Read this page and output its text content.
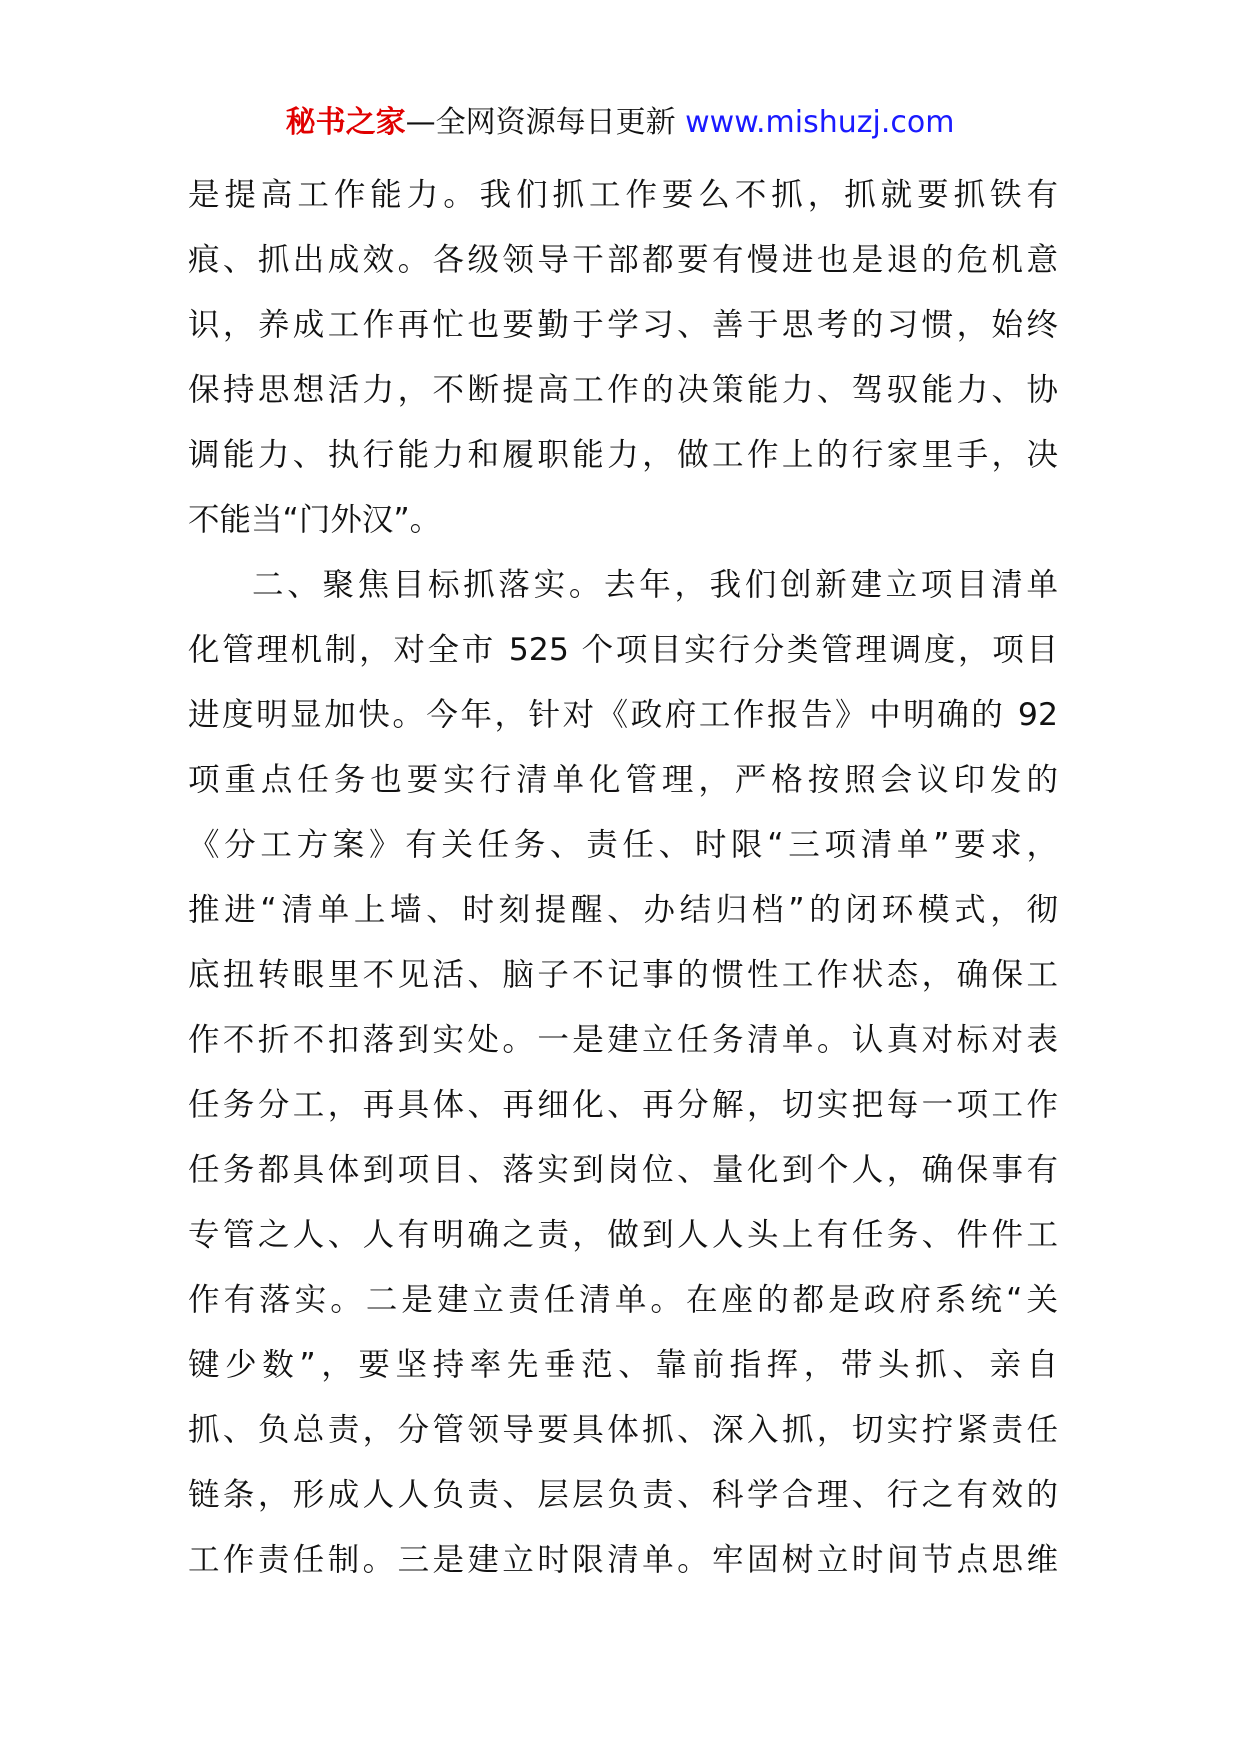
秘书之家—全网资源每日更新 www.mishuzj.com
是提高工作能力。我们抓工作要么不抓，抓就要抓铁有
痕、抓出成效。各级领导干部都要有慢进也是退的危机意
识，养成工作再忙也要勤于学习、善于思考的习惯，始终
保持思想活力，不断提高工作的决策能力、驾驭能力、协
调能力、执行能力和履职能力，做工作上的行家里手，决
不能当“门外汉”。
二、聚焦目标抓落实。去年，我们创新建立项目清单
化管理机制，对全市 525 个项目实行分类管理调度，项目
进度明显加快。今年，针对《政府工作报告》中明确的 92
项重点任务也要实行清单化管理，严格按照会议印发的
《分工方案》有关任务、责任、时限“三项清单”要求，
推进“清单上墙、时刻提醒、办结归档”的闭环模式，彻
底扭转眼里不见活、脑子不记事的惯性工作状态，确保工
作不折不扣落到实处。一是建立任务清单。认真对标对表
任务分工，再具体、再细化、再分解，切实把每一项工作
任务都具体到项目、落实到岗位、量化到个人，确保事有
专管之人、人有明确之责，做到人人头上有任务、件件工
作有落实。二是建立责任清单。在座的都是政府系统“关
键少数”，要坚持率先垂范、靠前指挥，带头抓、亲自
抓、负总责，分管领导要具体抓、深入抓，切实拧紧责任
链条，形成人人负责、层层负责、科学合理、行之有效的
工作责任制。三是建立时限清单。牢固树立时间节点思维
